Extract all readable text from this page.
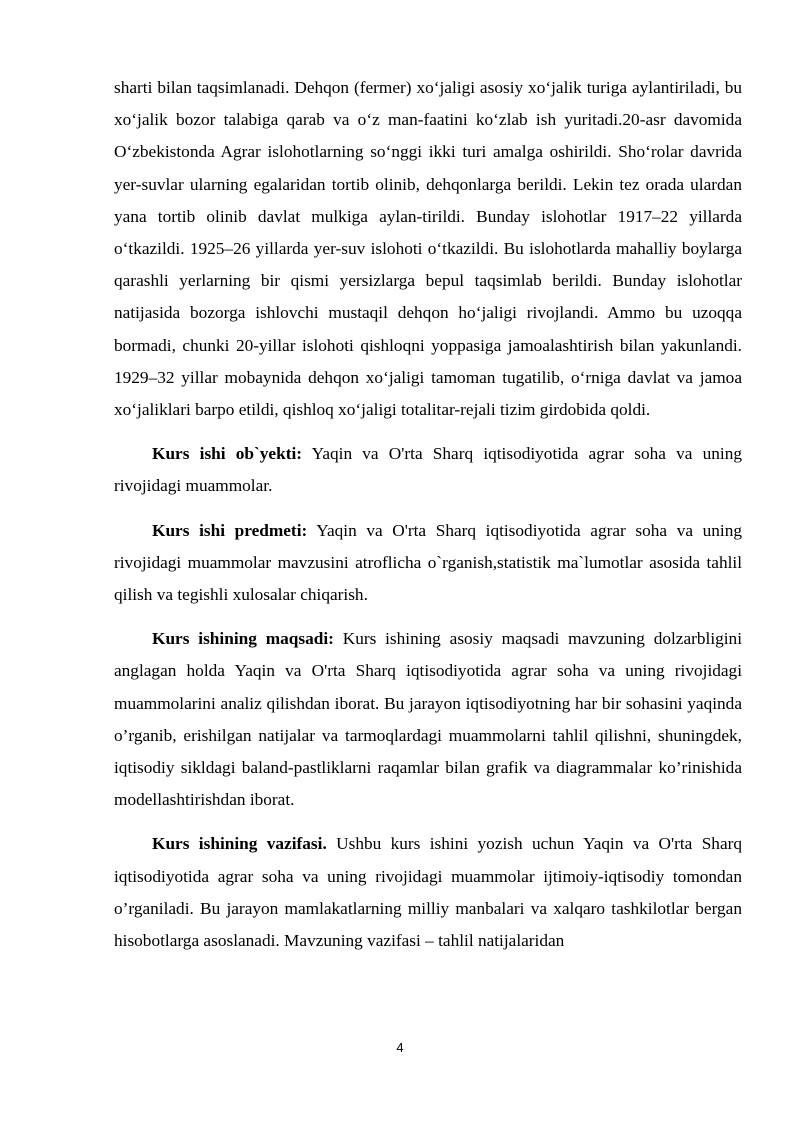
sharti bilan taqsimlanadi. Dehqon (fermer) xo‘jaligi asosiy xo‘jalik turiga aylantiriladi, bu xo‘jalik bozor talabiga qarab va o‘z man-faatini ko‘zlab ish yuritadi.20-asr davomida O‘zbekistonda Agrar islohotlarning so‘nggi ikki turi amalga oshirildi. Sho‘rolar davrida yer-suvlar ularning egalaridan tortib olinib, dehqonlarga berildi. Lekin tez orada ulardan yana tortib olinib davlat mulkiga aylan-tirildi. Bunday islohotlar 1917–22 yillarda o‘tkazildi. 1925–26 yillarda yer-suv islohoti o‘tkazildi. Bu islohotlarda mahalliy boylarga qarashli yerlarning bir qismi yersizlarga bepul taqsimlab berildi. Bunday islohotlar natijasida bozorga ishlovchi mustaqil dehqon ho‘jaligi rivojlandi. Ammo bu uzoqqa bormadi, chunki 20-yillar islohoti qishloqni yoppasiga jamoalashtirish bilan yakunlandi. 1929–32 yillar mobaynida dehqon xo‘jaligi tamoman tugatilib, o‘rniga davlat va jamoa xo‘jaliklari barpo etildi, qishloq xo‘jaligi totalitar-rejali tizim girdobida qoldi.

Kurs ishi ob`yekti: Yaqin va O'rta Sharq iqtisodiyotida agrar soha va uning rivojidagi muammolar.

Kurs ishi predmeti: Yaqin va O'rta Sharq iqtisodiyotida agrar soha va uning rivojidagi muammolar mavzusini atroflicha o`rganish,statistik ma`lumotlar asosida tahlil qilish va tegishli xulosalar chiqarish.

Kurs ishining maqsadi: Kurs ishining asosiy maqsadi mavzuning dolzarbligini anglagan holda Yaqin va O'rta Sharq iqtisodiyotida agrar soha va uning rivojidagi muammolarini analiz qilishdan iborat. Bu jarayon iqtisodiyotning har bir sohasini yaqinda o’rganib, erishilgan natijalar va tarmoqlardagi muammolarni tahlil qilishni, shuningdek, iqtisodiy sikldagi baland-pastliklarni raqamlar bilan grafik va diagrammalar ko’rinishida modellashtirishdan iborat.

Kurs ishining vazifasi. Ushbu kurs ishini yozish uchun Yaqin va O'rta Sharq iqtisodiyotida agrar soha va uning rivojidagi muammolar ijtimoiy-iqtisodiy tomondan o’rganiladi. Bu jarayon mamlakatlarning milliy manbalari va xalqaro tashkilotlar bergan hisobotlarga asoslanadi. Mavzuning vazifasi – tahlil natijalaridan

4
